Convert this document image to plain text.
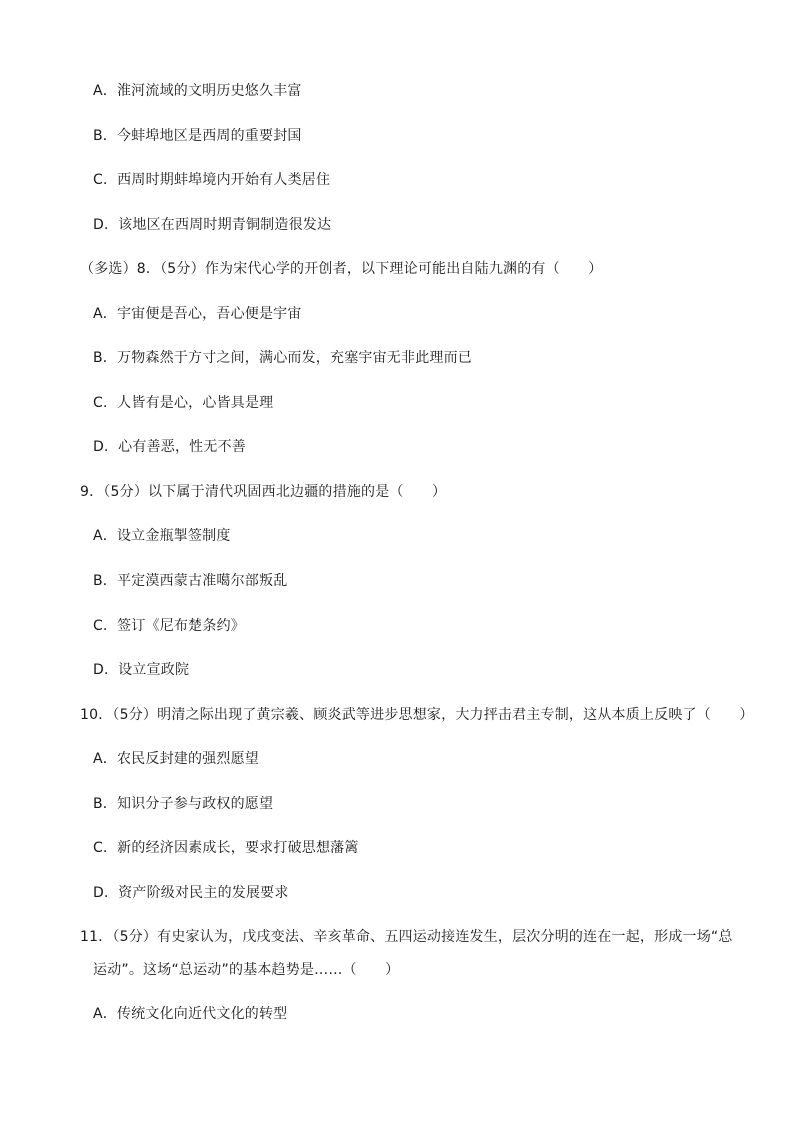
A．淮河流域的文明历史悠久丰富
B．今蚌埠地区是西周的重要封国
C．西周时期蚌埠境内开始有人类居住
D．该地区在西周时期青铜制造很发达
（多选）8．（5分）作为宋代心学的开创者，以下理论可能出自陆九渊的有（　　）
A．宇宙便是吾心，吾心便是宇宙
B．万物森然于方寸之间，满心而发，充塞宇宙无非此理而已
C．人皆有是心，心皆具是理
D．心有善恶，性无不善
9．（5分）以下属于清代巩固西北边疆的措施的是（　　）
A．设立金瓶掣签制度
B．平定漠西蒙古准噶尔部叛乱
C．签订《尼布楚条约》
D．设立宣政院
10．（5分）明清之际出现了黄宗羲、顾炎武等进步思想家，大力抨击君主专制，这从本质上反映了（　　）
A．农民反封建的强烈愿望
B．知识分子参与政权的愿望
C．新的经济因素成长，要求打破思想藩篱
D．资产阶级对民主的发展要求
11．（5分）有史家认为，戊戌变法、辛亥革命、五四运动接连发生，层次分明的连在一起，形成一场“总
运动”。这场“总运动”的基本趋势是……（　　）
A．传统文化向近代文化的转型
